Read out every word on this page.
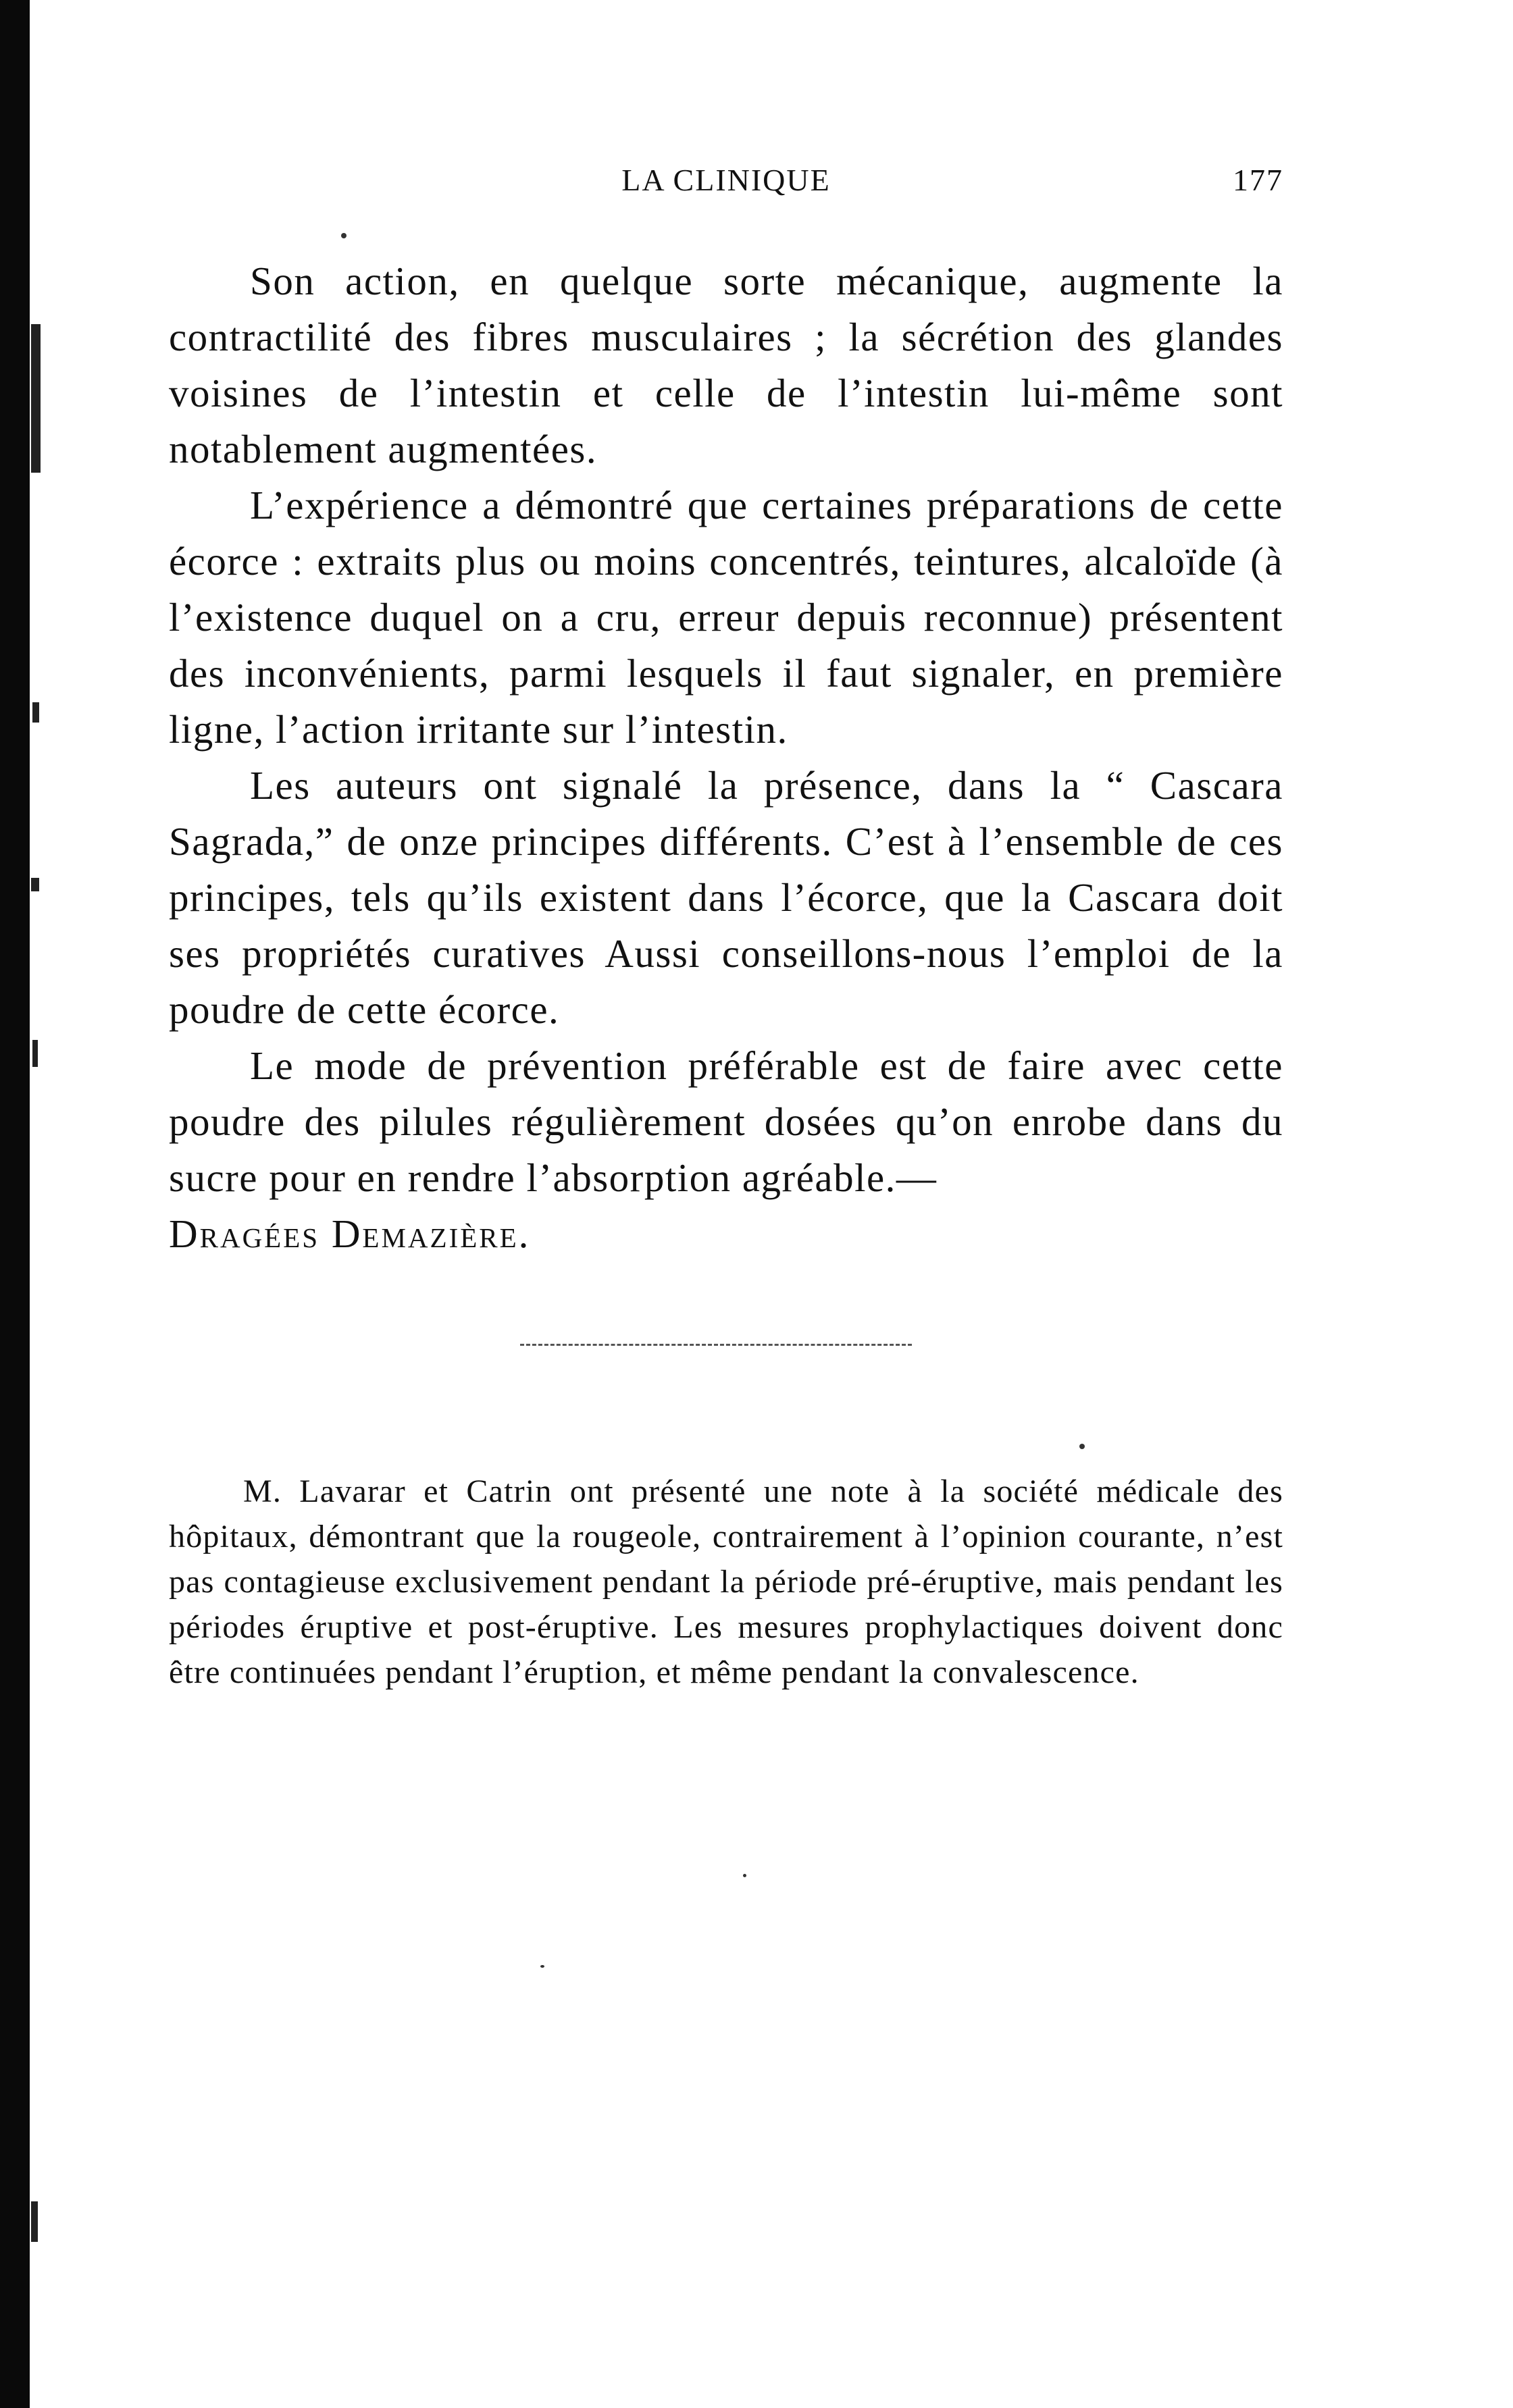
LA CLINIQUE	177

Son action, en quelque sorte mécanique, augmente la contractilité des fibres musculaires ; la sécrétion des glandes voisines de l’intestin et celle de l’intestin lui-même sont notablement augmentées.

L’expérience a démontré que certaines préparations de cette écorce : extraits plus ou moins concentrés, teintures, alcaloïde (à l’existence duquel on a cru, erreur depuis reconnue) présentent des inconvénients, parmi lesquels il faut signaler, en première ligne, l’action irritante sur l’intestin.

Les auteurs ont signalé la présence, dans la “ Cascara Sagrada,” de onze principes différents. C’est à l’ensemble de ces principes, tels qu’ils existent dans l’écorce, que la Cascara doit ses propriétés curatives Aussi conseillons-nous l’emploi de la poudre de cette écorce.

Le mode de prévention préférable est de faire avec cette poudre des pilules régulièrement dosées qu’on enrobe dans du sucre pour en rendre l’absorption agréable.—

Dragées Demazière.

M. Lavarar et Catrin ont présenté une note à la société médicale des hôpitaux, démontrant que la rougeole, contrairement à l’opinion courante, n’est pas contagieuse exclusivement pendant la période pré-éruptive, mais pendant les périodes éruptive et post-éruptive. Les mesures prophylactiques doivent donc être continuées pendant l’éruption, et même pendant la convalescence.
